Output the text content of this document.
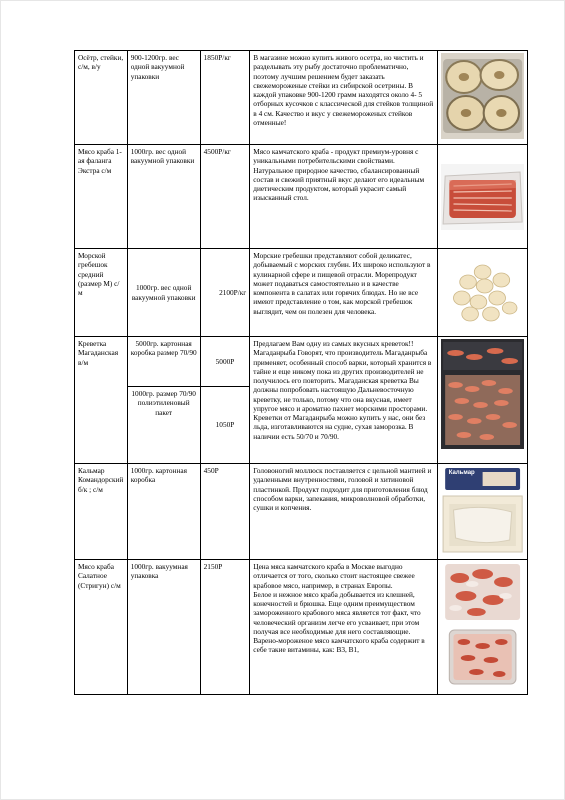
Осётр, стейки, с/м, в/у	900-1200гр. вес одной вакуумной упаковки	1850Р/кг	В магазине можно купить живого осетра, но чистить и разделывать эту рыбу достаточно проблематично, поэтому лучшим решением будет заказать свежемороженые стейки из сибирской осетрины. В каждой упаковке 900-1200 грамм находятся около 4- 5 отборных кусочков с классической для стейков толщиной в 4 см. Качество и вкус у свежемороженых стейков отменные!	

Мясо краба 1-ая фаланга Экстра с/м	1000гр. вес одной вакуумной упаковки	4500Р/кг	Мясо камчатского краба - продукт премиум-уровня с уникальными потребительскими свойствами. Натуральное природное качество, сбалансированный состав и свежий приятный вкус делают его идеальным диетическим продуктом, который украсит самый изысканный стол.	

Морской гребешок средний (размер М) с/м	1000гр. вес одной вакуумной упаковки	2100Р/кг	Морские гребешки представляют собой деликатес, добываемый с морских глубин. Их широко используют в кулинарной сфере и пищевой отрасли. Морепродукт может подаваться самостоятельно и в качестве компонента в салатах или горячих блюдах. Но не все имеют представление о том, как морской гребешок выглядит, чем он полезен для человека.	

Креветка Магаданская в/м	5000гр. картонная коробка размер 70/90	5000Р	Предлагаем Вам одну из самых вкусных креветок!! Магаданрыба Говорят, что производитель Магаданрыба применяет, особенный способ варки, который хранится в тайне и еще никому пока из других производителей не получилось его повторить. Магаданская креветка Вы должны попробовать настоящую Дальневосточную креветку, не только, потому что она вкусная, имеет упругое мясо и ароматно пахнет морскими просторами. Креветки от Магаданрыба можно купить у нас, они без льда, изготавливаются на судне, сухая заморозка. В наличии есть 50/70 и 70/90.	

	1000гр. размер 70/90 полиэтиленовый пакет	1050Р		
Кальмар Командорский б/к ; с/м	1000гр. картонная коробка	450Р	Головоногий моллюск поставляется с цельной мантией и удаленными внутренностями, головой и хитиновой пластинкой. Продукт подходит для приготовления блюд способом варки, запекания, микроволновой обработки, сушки и копчения.	Кальмар

Мясо краба Салатное (Стригун) с/м	1000гр. вакуумная упаковка	2150Р	Цена мяса камчатского краба в Москве выгодно отличается от того, сколько стоит настоящее свежее крабовое мясо, например, в странах Европы.
Белое и нежное мясо краба добывается из клешней, конечностей и брюшка. Еще одним преимуществом замороженного крабового мяса является тот факт, что человеческий организм легче его усваивает, при этом получая все необходимые для него составляющие.
Варено-мороженое мясо камчатского краба содержит в себе такие витамины, как: В3, В1,	
